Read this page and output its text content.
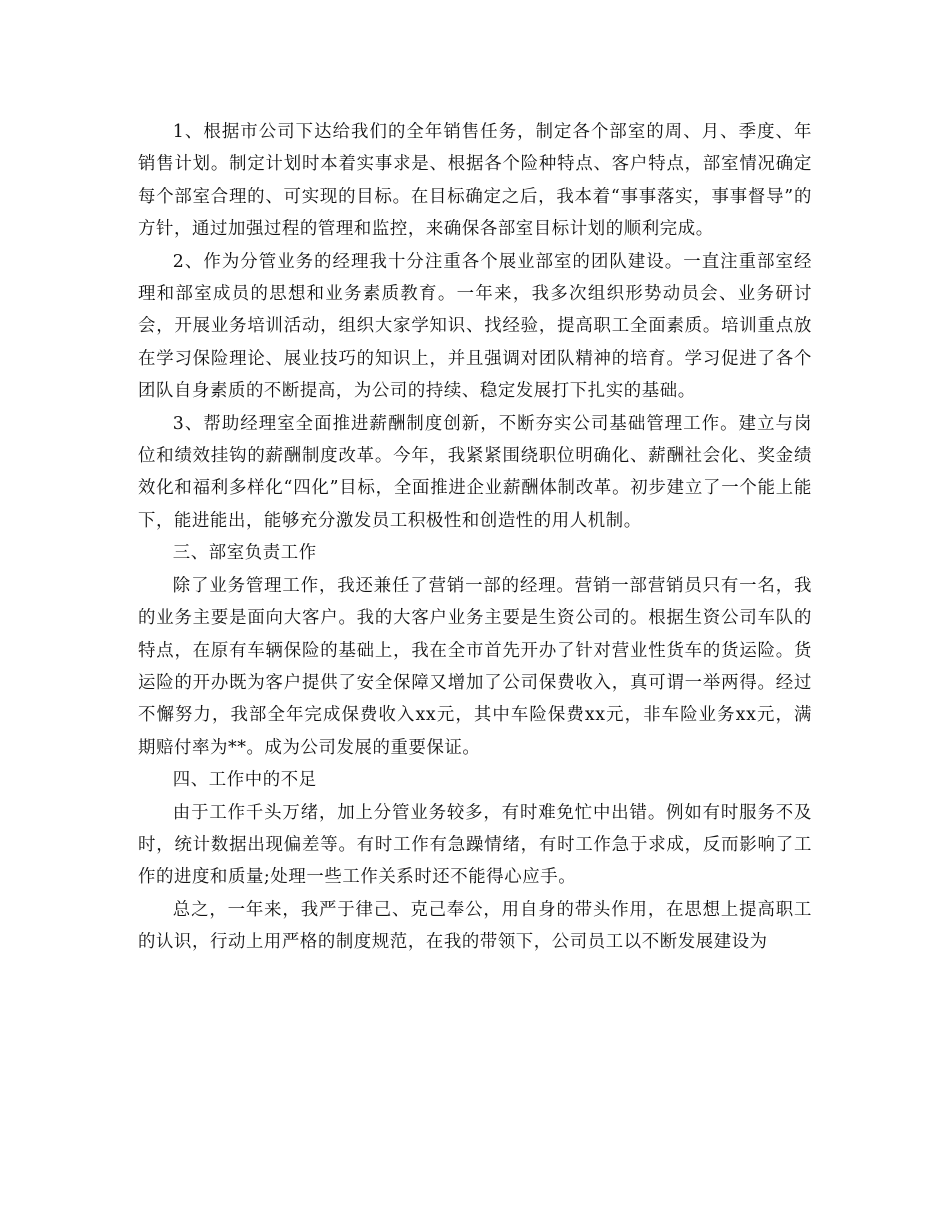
1、根据市公司下达给我们的全年销售任务，制定各个部室的周、月、季度、年销售计划。制定计划时本着实事求是、根据各个险种特点、客户特点，部室情况确定每个部室合理的、可实现的目标。在目标确定之后，我本着“事事落实，事事督导”的方针，通过加强过程的管理和监控，来确保各部室目标计划的顺利完成。

2、作为分管业务的经理我十分注重各个展业部室的团队建设。一直注重部室经理和部室成员的思想和业务素质教育。一年来，我多次组织形势动员会、业务研讨会，开展业务培训活动，组织大家学知识、找经验，提高职工全面素质。培训重点放在学习保险理论、展业技巧的知识上，并且强调对团队精神的培育。学习促进了各个团队自身素质的不断提高，为公司的持续、稳定发展打下扎实的基础。

3、帮助经理室全面推进薪酬制度创新，不断夯实公司基础管理工作。建立与岗位和绩效挂钩的薪酬制度改革。今年，我紧紧围绕职位明确化、薪酬社会化、奖金绩效化和福利多样化“四化”目标，全面推进企业薪酬体制改革。初步建立了一个能上能下，能进能出，能够充分激发员工积极性和创造性的用人机制。

三、部室负责工作

除了业务管理工作，我还兼任了营销一部的经理。营销一部营销员只有一名，我的业务主要是面向大客户。我的大客户业务主要是生资公司的。根据生资公司车队的特点，在原有车辆保险的基础上，我在全市首先开办了针对营业性货车的货运险。货运险的开办既为客户提供了安全保障又增加了公司保费收入，真可谓一举两得。经过不懈努力，我部全年完成保费收入xx元，其中车险保费xx元，非车险业务xx元，满期赔付率为**。成为公司发展的重要保证。

四、工作中的不足

由于工作千头万绪，加上分管业务较多，有时难免忙中出错。例如有时服务不及时，统计数据出现偏差等。有时工作有急躁情绪，有时工作急于求成，反而影响了工作的进度和质量;处理一些工作关系时还不能得心应手。

总之，一年来，我严于律己、克己奉公，用自身的带头作用，在思想上提高职工的认识，行动上用严格的制度规范，在我的带领下，公司员工以不断发展建设为
